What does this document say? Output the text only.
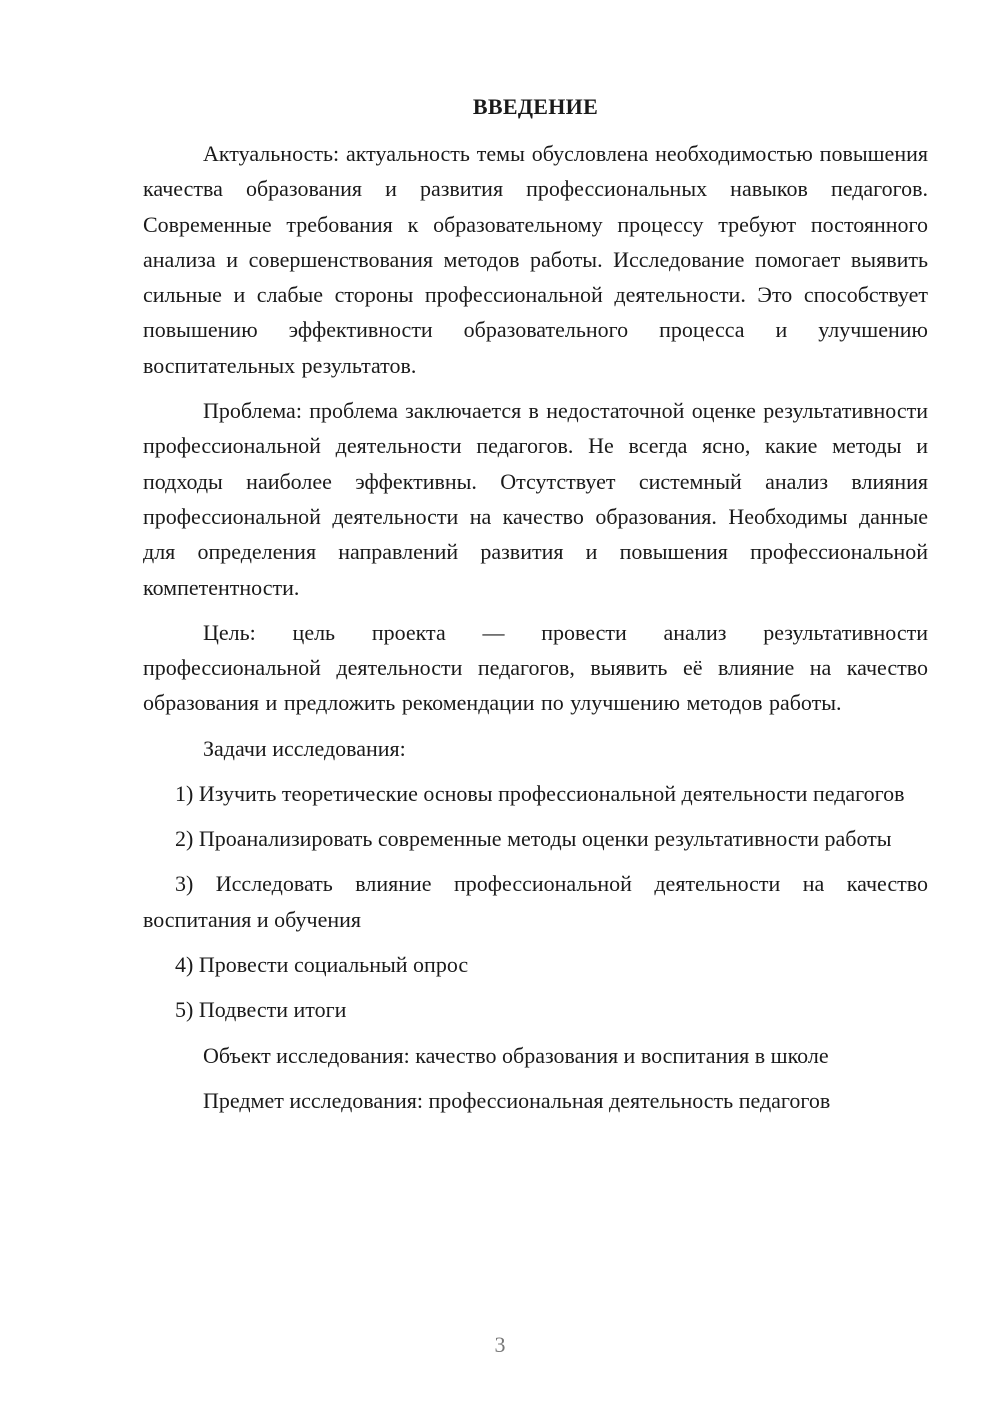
ВВЕДЕНИЕ

Актуальность: актуальность темы обусловлена необходимостью повышения качества образования и развития профессиональных навыков педагогов. Современные требования к образовательному процессу требуют постоянного анализа и совершенствования методов работы. Исследование помогает выявить сильные и слабые стороны профессиональной деятельности. Это способствует повышению эффективности образовательного процесса и улучшению воспитательных результатов.

Проблема: проблема заключается в недостаточной оценке результативности профессиональной деятельности педагогов. Не всегда ясно, какие методы и подходы наиболее эффективны. Отсутствует системный анализ влияния профессиональной деятельности на качество образования. Необходимы данные для определения направлений развития и повышения профессиональной компетентности.

Цель: цель проекта — провести анализ результативности профессиональной деятельности педагогов, выявить её влияние на качество образования и предложить рекомендации по улучшению методов работы.

Задачи исследования:

1) Изучить теоретические основы профессиональной деятельности педагогов

2) Проанализировать современные методы оценки результативности работы

3) Исследовать влияние профессиональной деятельности на качество воспитания и обучения

4) Провести социальный опрос

5) Подвести итоги

Объект исследования: качество образования и воспитания в школе
Предмет исследования: профессиональная деятельность педагогов
3
